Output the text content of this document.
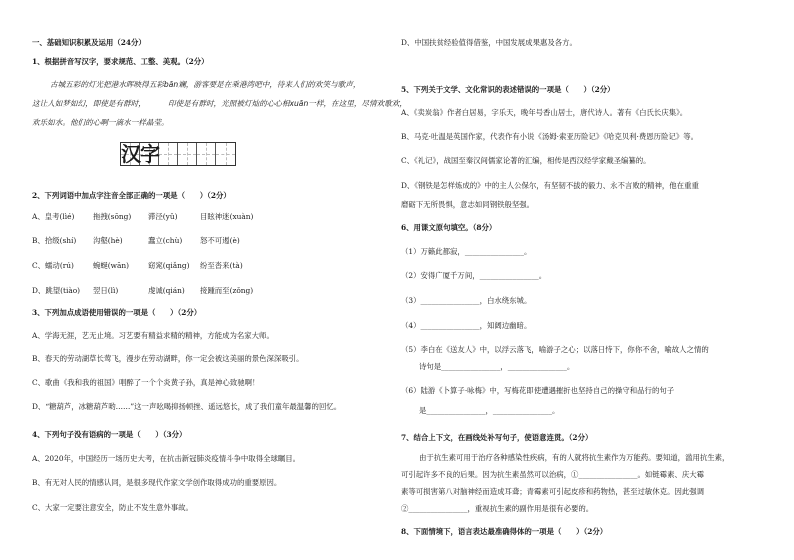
一、基础知识积累及运用（24分）
1、根据拼音写汉字，要求规范、工整、美观。（2分）
古城五彩的灯光把港水晖映得五彩bān斓，游客要是在乘港湾吧中，待来人们的欢笑与歌声，
这让人如梦如幻，即使是有群时，	印使是有群时，光照被灯灿的心心相xuān一样，在这里，尽情欢歌欢，
欢乐如水。他们的心啊一滴水一样晶莹。
汉 字
2、下列词语中加点字注音全部正确的一项是（　　）（2分）
A、皇考(lìé)	拖拽(sōng) 滞泾(yǔ)	目眩神迷(xuàn)
B、拾级(shí) 沟壑(hè)	蠢立(chù) 怒不可遏(è)
C、蠕动(rú)	蜿蜒(wān)	窈窕(qiǎng) 纷至沓来(tà)
D、跳望(tiào) 翌日(lì)	虔诚(qián) 接踵而至(zǒng)
3、下列加点成语使用错误的一项是（　　）（2分）
A、学海无涯，艺无止境。习艺要有精益求精的精神，方能成为名家大师。
B、春天的劳动湖草长莺飞，漫步在劳动湖畔，你一定会被这美丽的景色深深吸引。
C、歌曲《我和我的祖国》唱醉了一个个炎黄子孙，真是神心致驰啊！
D、“糖葫芦，冰糖葫芦哟……”这一声吆喝抑扬顿挫、遥远悠长，成了我们童年最温馨的回忆。
4、下列句子没有语病的一项是（　　）（3分）
A、2020年，中国经历一场历史大考，在抗击新冠肺炎疫情斗争中取得全球瞩目。
B、有无对人民的情感认同，是很多现代作家文学创作取得成功的重要原因。
C、大家一定要注意安全，防止不发生意外事故。
D、中国扶贫经验值得借鉴，中国发展成果惠及各方。
5、下列关于文学、文化常识的表述错误的一项是（　　）（2分）
A、《卖炭翁》作者白居易，字乐天，晚年号香山居士，唐代诗人。著有《白氏长庆集》。
B、马克·吐温是英国作家，代表作有小说《汤姆·索亚历险记》《哈克贝利·费恩历险记》等。
C、《礼记》，战国至秦汉间儒家论著的汇编，相传是西汉经学家戴圣编纂的。
D、《钢铁是怎样炼成的》中的主人公保尔，有坚韧不拔的毅力、永不言败的精神，他在重重
磨砺下无所畏惧，意志如同钢铁般坚强。
6、用课文原句填空。（8分）
（1）万籁此都寂，________________。
（2）安得广厦千万间，________________。
（3）________________，白水绕东城。
（4）________________，知阔边幽暗。
（5）李白在《送友人》中，以浮云落飞，喻游子之心；以落日恃下，你你不舍，喻故人之情的
诗句是________________，________________。
（6）陆游《卜算子·咏梅》中，写梅花即使遭遇摧折也坚持自己的操守和品行的句子
是________________，________________。
7、结合上下文，在画线处补写句子，使语意连贯。（2分）
由于抗生素可用于治疗各种感染性疾病，有的人就将抗生素作为万能药。要知道，滥用抗生素，
可引起许多不良的后果。因为抗生素虽然可以治病，①________________。如链霉素、庆大霉
素等可损害第八对脑神经而造成耳聋；青霉素可引起皮疹和药物热，甚至过敏休克。因此强调
②________________，重视抗生素的副作用是很有必要的。
8、下面情境下，语言表达最准确得体的一项是（　　）（2分）
